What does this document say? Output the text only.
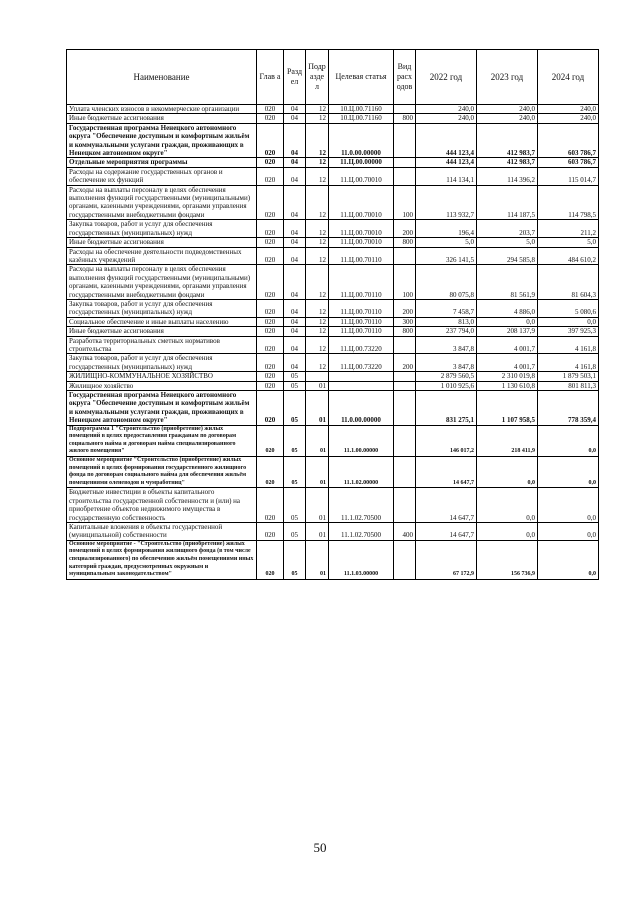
Наименование	Глав а	Разд ел	Подр азде л	Целевая статья	Вид расх одов	2022 год	2023 год	2024 год
Уплата членских взносов в некоммерческие организации	020	04	12	10.Ц.00.71160		240,0	240,0	240,0
Иные бюджетные ассигнования	020	04	12	10.Ц.00.71160	800	240,0	240,0	240,0
Государственная программа Ненецкого автономного округа "Обеспечение доступным и комфортным жильём и коммунальными услугами граждан, проживающих в Ненецком автономном округе"	020	04	12	11.0.00.00000		444 123,4	412 983,7	603 786,7
Отдельные мероприятия программы	020	04	12	11.Ц.00.00000		444 123,4	412 983,7	603 786,7
Расходы на содержание государственных органов и обеспечение их функций	020	04	12	11.Ц.00.70010		114 134,1	114 396,2	115 014,7
Расходы на выплаты персоналу в целях обеспечения выполнения функций государственными (муниципальными) органами, казенными учреждениями, органами управления государственными внебюджетными фондами	020	04	12	11.Ц.00.70010	100	113 932,7	114 187,5	114 798,5
Закупка товаров, работ и услуг для обеспечения государственных (муниципальных) нужд	020	04	12	11.Ц.00.70010	200	196,4	203,7	211,2
Иные бюджетные ассигнования	020	04	12	11.Ц.00.70010	800	5,0	5,0	5,0
Расходы на обеспечение деятельности подведомственных казённых учреждений	020	04	12	11.Ц.00.70110		326 141,5	294 585,8	484 610,2
Расходы на выплаты персоналу в целях обеспечения выполнения функций государственными (муниципальными) органами, казенными учреждениями, органами управления государственными внебюджетными фондами	020	04	12	11.Ц.00.70110	100	80 075,8	81 561,9	81 604,3
Закупка товаров, работ и услуг для обеспечения государственных (муниципальных) нужд	020	04	12	11.Ц.00.70110	200	7 458,7	4 886,0	5 080,6
Социальное обеспечение и иные выплаты населению	020	04	12	11.Ц.00.70110	300	813,0	0,0	0,0
Иные бюджетные ассигнования	020	04	12	11.Ц.00.70110	800	237 794,0	208 137,9	397 925,3
Разработка территориальных сметных нормативов строительства	020	04	12	11.Ц.00.73220		3 847,8	4 001,7	4 161,8
Закупка товаров, работ и услуг для обеспечения государственных (муниципальных) нужд	020	04	12	11.Ц.00.73220	200	3 847,8	4 001,7	4 161,8
ЖИЛИЩНО-КОММУНАЛЬНОЕ ХОЗЯЙСТВО	020	05				2 879 560,5	2 310 019,8	1 879 503,1
Жилищное хозяйство	020	05	01			1 010 925,6	1 130 610,8	801 811,3
Государственная программа Ненецкого автономного округа "Обеспечение доступным и комфортным жильём и коммунальными услугами граждан, проживающих в Ненецком автономном округе"	020	05	01	11.0.00.00000		831 275,1	1 107 958,5	778 359,4
Подпрограмма 1 "Строительство (приобретение) жилых помещений в целях предоставления гражданам по договорам социального найма и договорам найма специализированного жилого помещения"	020	05	01	11.1.00.00000		146 017,2	218 411,9	0,0
Основное мероприятие "Строительство (приобретение) жилых помещений в целях формирования государственного жилищного фонда по договорам социального найма для обеспечения жильём помещениями оленеводов и чумработниц"	020	05	01	11.1.02.00000		14 647,7	0,0	0,0
Бюджетные инвестиции в объекты капитального строительства государственной собственности и (или) на приобретение объектов недвижимого имущества в государственную собственность	020	05	01	11.1.02.70500		14 647,7	0,0	0,0
Капитальные вложения в объекты государственной (муниципальной) собственности	020	05	01	11.1.02.70500	400	14 647,7	0,0	0,0
Основное мероприятие - "Строительство (приобретение) жилых помещений в целях формирования жилищного фонда (в том числе специализированного) по обеспечению жильём помещениями иных категорий граждан, предусмотренных окружным и муниципальным законодательством"	020	05	01	11.1.03.00000		67 172,9	156 736,9	0,0
50
